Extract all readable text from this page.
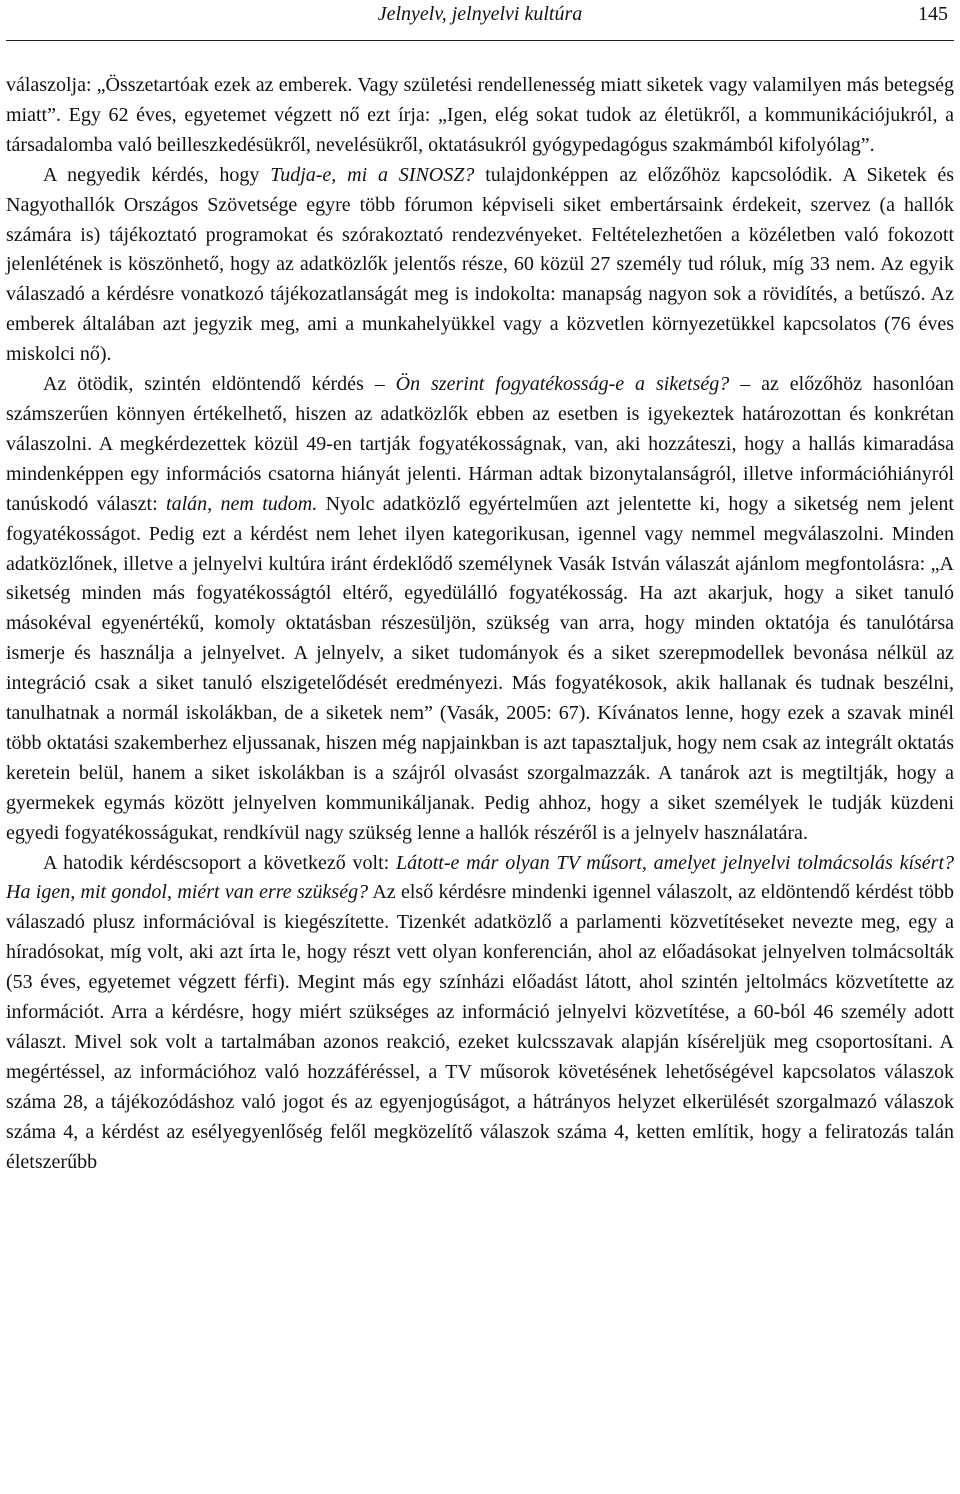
Jelnyelv, jelnyelvi kultúra	145

válaszolja: „Összetartóak ezek az emberek. Vagy születési rendellenesség miatt siketek vagy valamilyen más betegség miatt”. Egy 62 éves, egyetemet végzett nő ezt írja: „Igen, elég sokat tudok az életükről, a kommunikációjukról, a társadalomba való beilleszkedésükről, nevelésükről, oktatásukról gyógypedagógus szakmámból kifolyólag”.

A negyedik kérdés, hogy Tudja-e, mi a SINOSZ? tulajdonképpen az előzőhöz kapcsolódik. A Siketek és Nagyothallók Országos Szövetsége egyre több fórumon képviseli siket embertársaink érdekeit, szervez (a hallók számára is) tájékoztató programokat és szórakoztató rendezvényeket. Feltételezhetően a közéletben való fokozott jelenlétének is köszönhető, hogy az adatközlők jelentős része, 60 közül 27 személy tud róluk, míg 33 nem. Az egyik válaszadó a kérdésre vonatkozó tájékozatlanságát meg is indokolta: manapság nagyon sok a rövidítés, a betűszó. Az emberek általában azt jegyzik meg, ami a munkahelyükkel vagy a közvetlen környezetükkel kapcsolatos (76 éves miskolci nő).

Az ötödik, szintén eldöntendő kérdés – Ön szerint fogyatékosság-e a siketség? – az előzőhöz hasonlóan számszerűen könnyen értékelhető, hiszen az adatközlők ebben az esetben is igyekeztek határozottan és konkrétan válaszolni. A megkérdezettek közül 49-en tartják fogyatékosságnak, van, aki hozzáteszi, hogy a hallás kimaradása mindenképpen egy információs csatorna hiányát jelenti. Hárman adtak bizonytalanságról, illetve információhiányról tanúskodó választ: talán, nem tudom. Nyolc adatközlő egyértelműen azt jelentette ki, hogy a siketség nem jelent fogyatékosságot. Pedig ezt a kérdést nem lehet ilyen kategorikusan, igennel vagy nemmel megválaszolni. Minden adatközlőnek, illetve a jelnyelvi kultúra iránt érdeklődő személynek Vasák István válaszát ajánlom megfontolásra: „A siketség minden más fogyatékosságtól eltérő, egyedülálló fogyatékosság. Ha azt akarjuk, hogy a siket tanuló másokéval egyenértékű, komoly oktatásban részesüljön, szükség van arra, hogy minden oktatója és tanulótársa ismerje és használja a jelnyelvet. A jelnyelv, a siket tudományok és a siket szerepmodellek bevonása nélkül az integráció csak a siket tanuló elszigetelődését eredményezi. Más fogyatékosok, akik hallanak és tudnak beszélni, tanulhatnak a normál iskolákban, de a siketek nem” (Vasák, 2005: 67). Kívánatos lenne, hogy ezek a szavak minél több oktatási szakemberhez eljussanak, hiszen még napjainkban is azt tapasztaljuk, hogy nem csak az integrált oktatás keretein belül, hanem a siket iskolákban is a szájról olvasást szorgalmazzák. A tanárok azt is megtiltják, hogy a gyermekek egymás között jelnyelven kommunikáljanak. Pedig ahhoz, hogy a siket személyek le tudják küzdeni egyedi fogyatékosságukat, rendkívül nagy szükség lenne a hallók részéről is a jelnyelv használatára.

A hatodik kérdéscsoport a következő volt: Látott-e már olyan TV műsort, amelyet jelnyelvi tolmácsolás kísért? Ha igen, mit gondol, miért van erre szükség? Az első kérdésre mindenki igennel válaszolt, az eldöntendő kérdést több válaszadó plusz információval is kiegészítette. Tizenkét adatközlő a parlamenti közvetítéseket nevezte meg, egy a híradósokat, míg volt, aki azt írta le, hogy részt vett olyan konferencián, ahol az előadásokat jelnyelven tolmácsolták (53 éves, egyetemet végzett férfi). Megint más egy színházi előadást látott, ahol szintén jeltolmács közvetítette az információt. Arra a kérdésre, hogy miért szükséges az információ jelnyelvi közvetítése, a 60-ból 46 személy adott választ. Mivel sok volt a tartalmában azonos reakció, ezeket kulcsszavak alapján kíséreljük meg csoportosítani. A megértéssel, az információhoz való hozzáféréssel, a TV műsorok követésének lehetőségével kapcsolatos válaszok száma 28, a tájékozódáshoz való jogot és az egyenjogúságot, a hátrányos helyzet elkerülését szorgalmazó válaszok száma 4, a kérdést az esélyegyenlőség felől megközelítő válaszok száma 4, ketten említik, hogy a feliratozás talán életszerűbb
